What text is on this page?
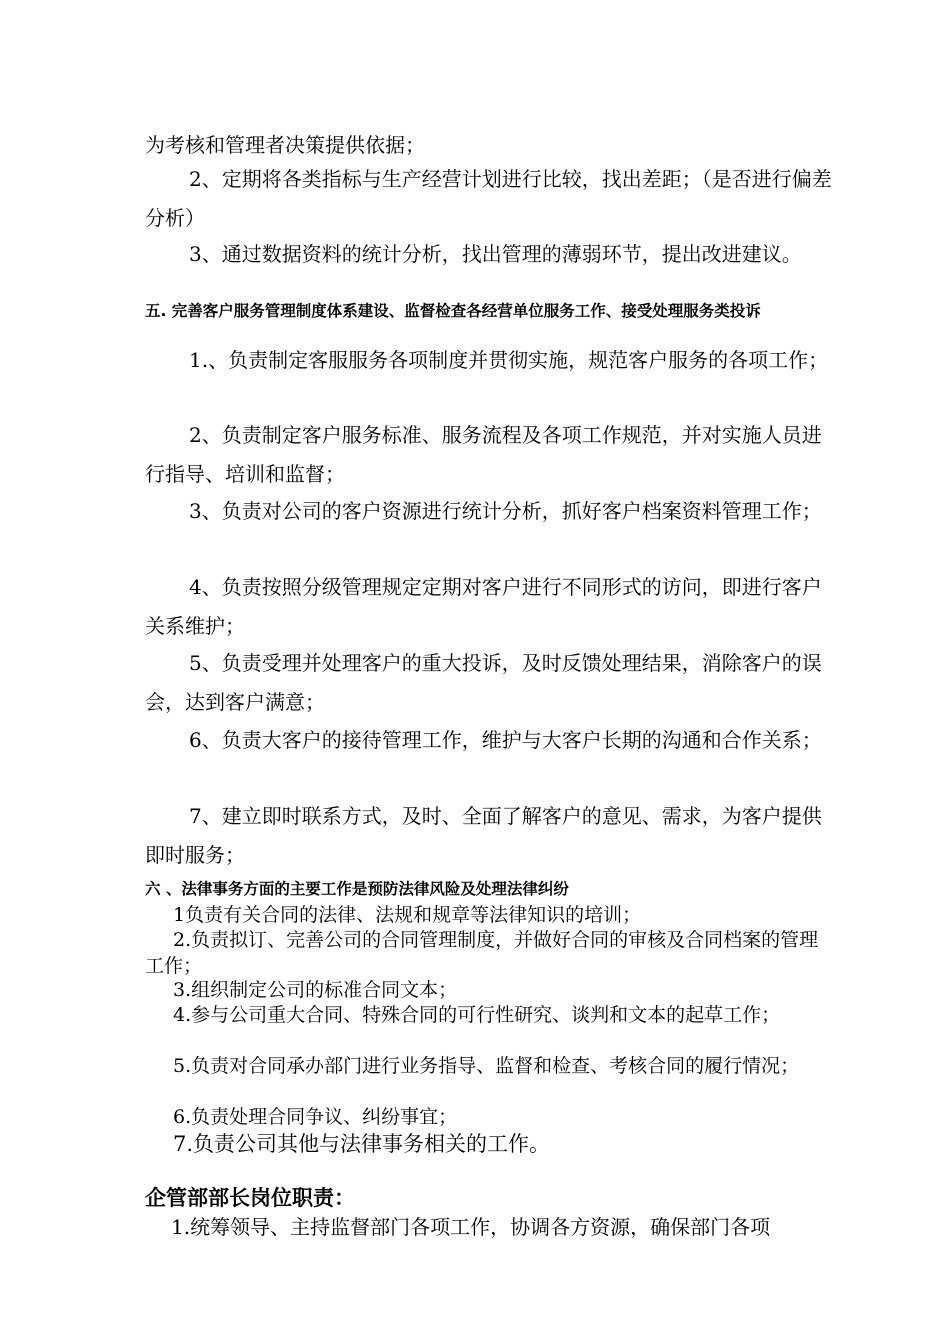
为考核和管理者决策提供依据；

2、定期将各类指标与生产经营计划进行比较，找出差距；（是否进行偏差分析）

3、通过数据资料的统计分析，找出管理的薄弱环节，提出改进建议。

五. 完善客户服务管理制度体系建设、监督检查各经营单位服务工作、接受处理服务类投诉

1.、负责制定客服服务各项制度并贯彻实施，规范客户服务的各项工作；

2、负责制定客户服务标准、服务流程及各项工作规范，并对实施人员进行指导、培训和监督；

3、负责对公司的客户资源进行统计分析，抓好客户档案资料管理工作；

4、负责按照分级管理规定定期对客户进行不同形式的访问，即进行客户关系维护；

5、负责受理并处理客户的重大投诉，及时反馈处理结果，消除客户的误会，达到客户满意；

6、负责大客户的接待管理工作，维护与大客户长期的沟通和合作关系；

7、建立即时联系方式，及时、全面了解客户的意见、需求，为客户提供即时服务；

六 、法律事务方面的主要工作是预防法律风险及处理法律纠纷

1负责有关合同的法律、法规和规章等法律知识的培训；

2.负责拟订、完善公司的合同管理制度，并做好合同的审核及合同档案的管理工作；

3.组织制定公司的标准合同文本；

4.参与公司重大合同、特殊合同的可行性研究、谈判和文本的起草工作；

5.负责对合同承办部门进行业务指导、监督和检查、考核合同的履行情况；

6.负责处理合同争议、纠纷事宜；

7.负责公司其他与法律事务相关的工作。

企管部部长岗位职责：

1.统筹领导、主持监督部门各项工作，协调各方资源，确保部门各项
